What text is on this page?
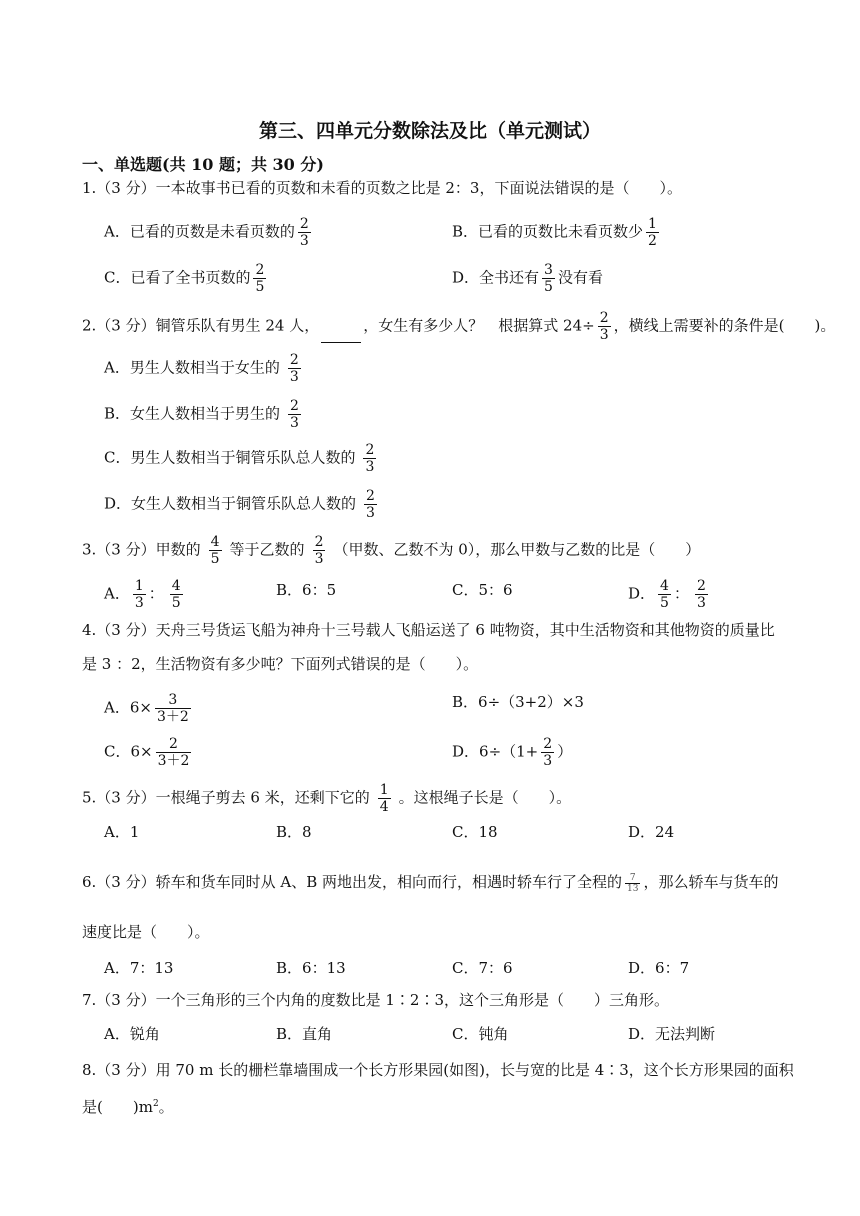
第三、四单元分数除法及比（单元测试）
一、单选题(共 10 题；共 30 分)
1.（3 分）一本故事书已看的页数和未看的页数之比是 2：3，下面说法错误的是（　　）。
A．已看的页数是未看页数的 $\frac{2}{3}$	B．已看的页数比未看页数少 $\frac{1}{2}$
C．已看了全书页数的 $\frac{2}{5}$	D．全书还有 $\frac{3}{5}$ 没有看
2.（3 分）铜管乐队有男生 24 人，	，女生有多少人？　根据算式 $24\div \frac{2}{3}$ ，横线上需要补的条件是(　　)。
A．男生人数相当于女生的 $\frac{2}{3}$
B．女生人数相当于男生的 $\frac{2}{3}$
C．男生人数相当于铜管乐队总人数的 $\frac{2}{3}$
D．女生人数相当于铜管乐队总人数的 $\frac{2}{3}$
3.（3 分）甲数的 $\frac{4}{5}$ 等于乙数的 $\frac{2}{3}$ （甲数、乙数不为 0），那么甲数与乙数的比是（　　）
A． $\frac{1}{3}$ ： $\frac{4}{5}$	B．6：5	C．5：6	D． $\frac{4}{5}$ ： $\frac{2}{3}$
4.（3 分）天舟三号货运飞船为神舟十三号载人飞船运送了 6 吨物资，其中生活物资和其他物资的质量比
是 3 ：2，生活物资有多少吨？下面列式错误的是（　　）。
A．$6\times \frac{3}{3+2}$	B．6÷（3+2）×3
C．$6\times \frac{2}{3+2}$	D．$6\div(1+ \frac{2}{3}$ ）
5.（3 分）一根绳子剪去 6 米，还剩下它的 $\frac{1}{4}$ 。这根绳子长是（　　）。
A．1	B．8	C．18	D．24
6.（3 分）轿车和货车同时从 A、B 两地出发，相向而行，相遇时轿车行了全程的 $\frac{7}{13}$ ，那么轿车与货车的
速度比是（　　）。
A．7：13	B．6：13	C．7：6	D．6：7
7.（3 分）一个三角形的三个内角的度数比是 1∶2∶3，这个三角形是（　　）三角形。
A．锐角	B．直角	C．钝角	D．无法判断
8.（3 分）用 70 m 长的栅栏靠墙围成一个长方形果园(如图)，长与宽的比是 4∶3，这个长方形果园的面积
是(　　)$m^2$。
